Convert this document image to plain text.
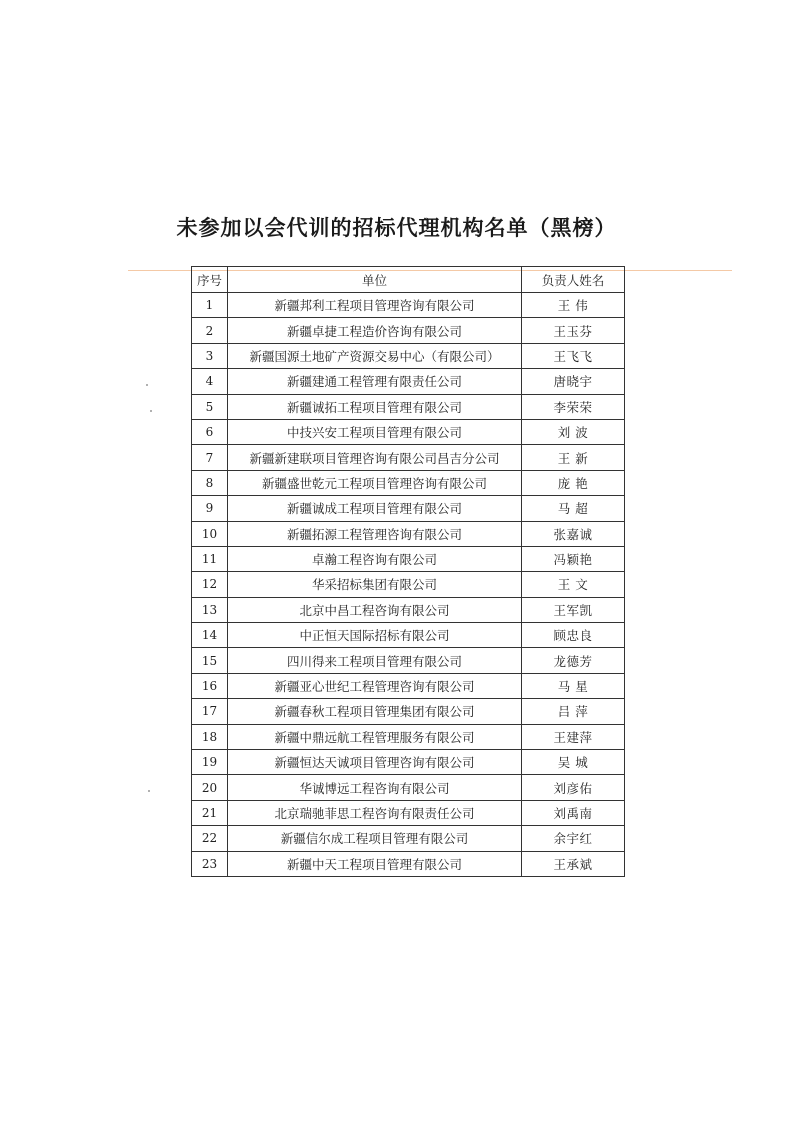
未参加以会代训的招标代理机构名单（黑榜）
序号	单位	负责人姓名
1	新疆邦利工程项目管理咨询有限公司	王 伟
2	新疆卓捷工程造价咨询有限公司	王玉芬
3	新疆国源土地矿产资源交易中心（有限公司）	王飞飞
4	新疆建通工程管理有限责任公司	唐晓宇
5	新疆诚拓工程项目管理有限公司	李荣荣
6	中技兴安工程项目管理有限公司	刘 波
7	新疆新建联项目管理咨询有限公司昌吉分公司	王 新
8	新疆盛世乾元工程项目管理咨询有限公司	庞 艳
9	新疆诚成工程项目管理有限公司	马 超
10	新疆拓源工程管理咨询有限公司	张嘉诚
11	卓瀚工程咨询有限公司	冯颖艳
12	华采招标集团有限公司	王 文
13	北京中昌工程咨询有限公司	王军凯
14	中正恒天国际招标有限公司	顾忠良
15	四川得来工程项目管理有限公司	龙德芳
16	新疆亚心世纪工程管理咨询有限公司	马 星
17	新疆春秋工程项目管理集团有限公司	吕 萍
18	新疆中鼎远航工程管理服务有限公司	王建萍
19	新疆恒达天诚项目管理咨询有限公司	吴 城
20	华诚博远工程咨询有限公司	刘彦佑
21	北京瑞驰菲思工程咨询有限责任公司	刘禹南
22	新疆信尔成工程项目管理有限公司	余宇红
23	新疆中天工程项目管理有限公司	王承斌
